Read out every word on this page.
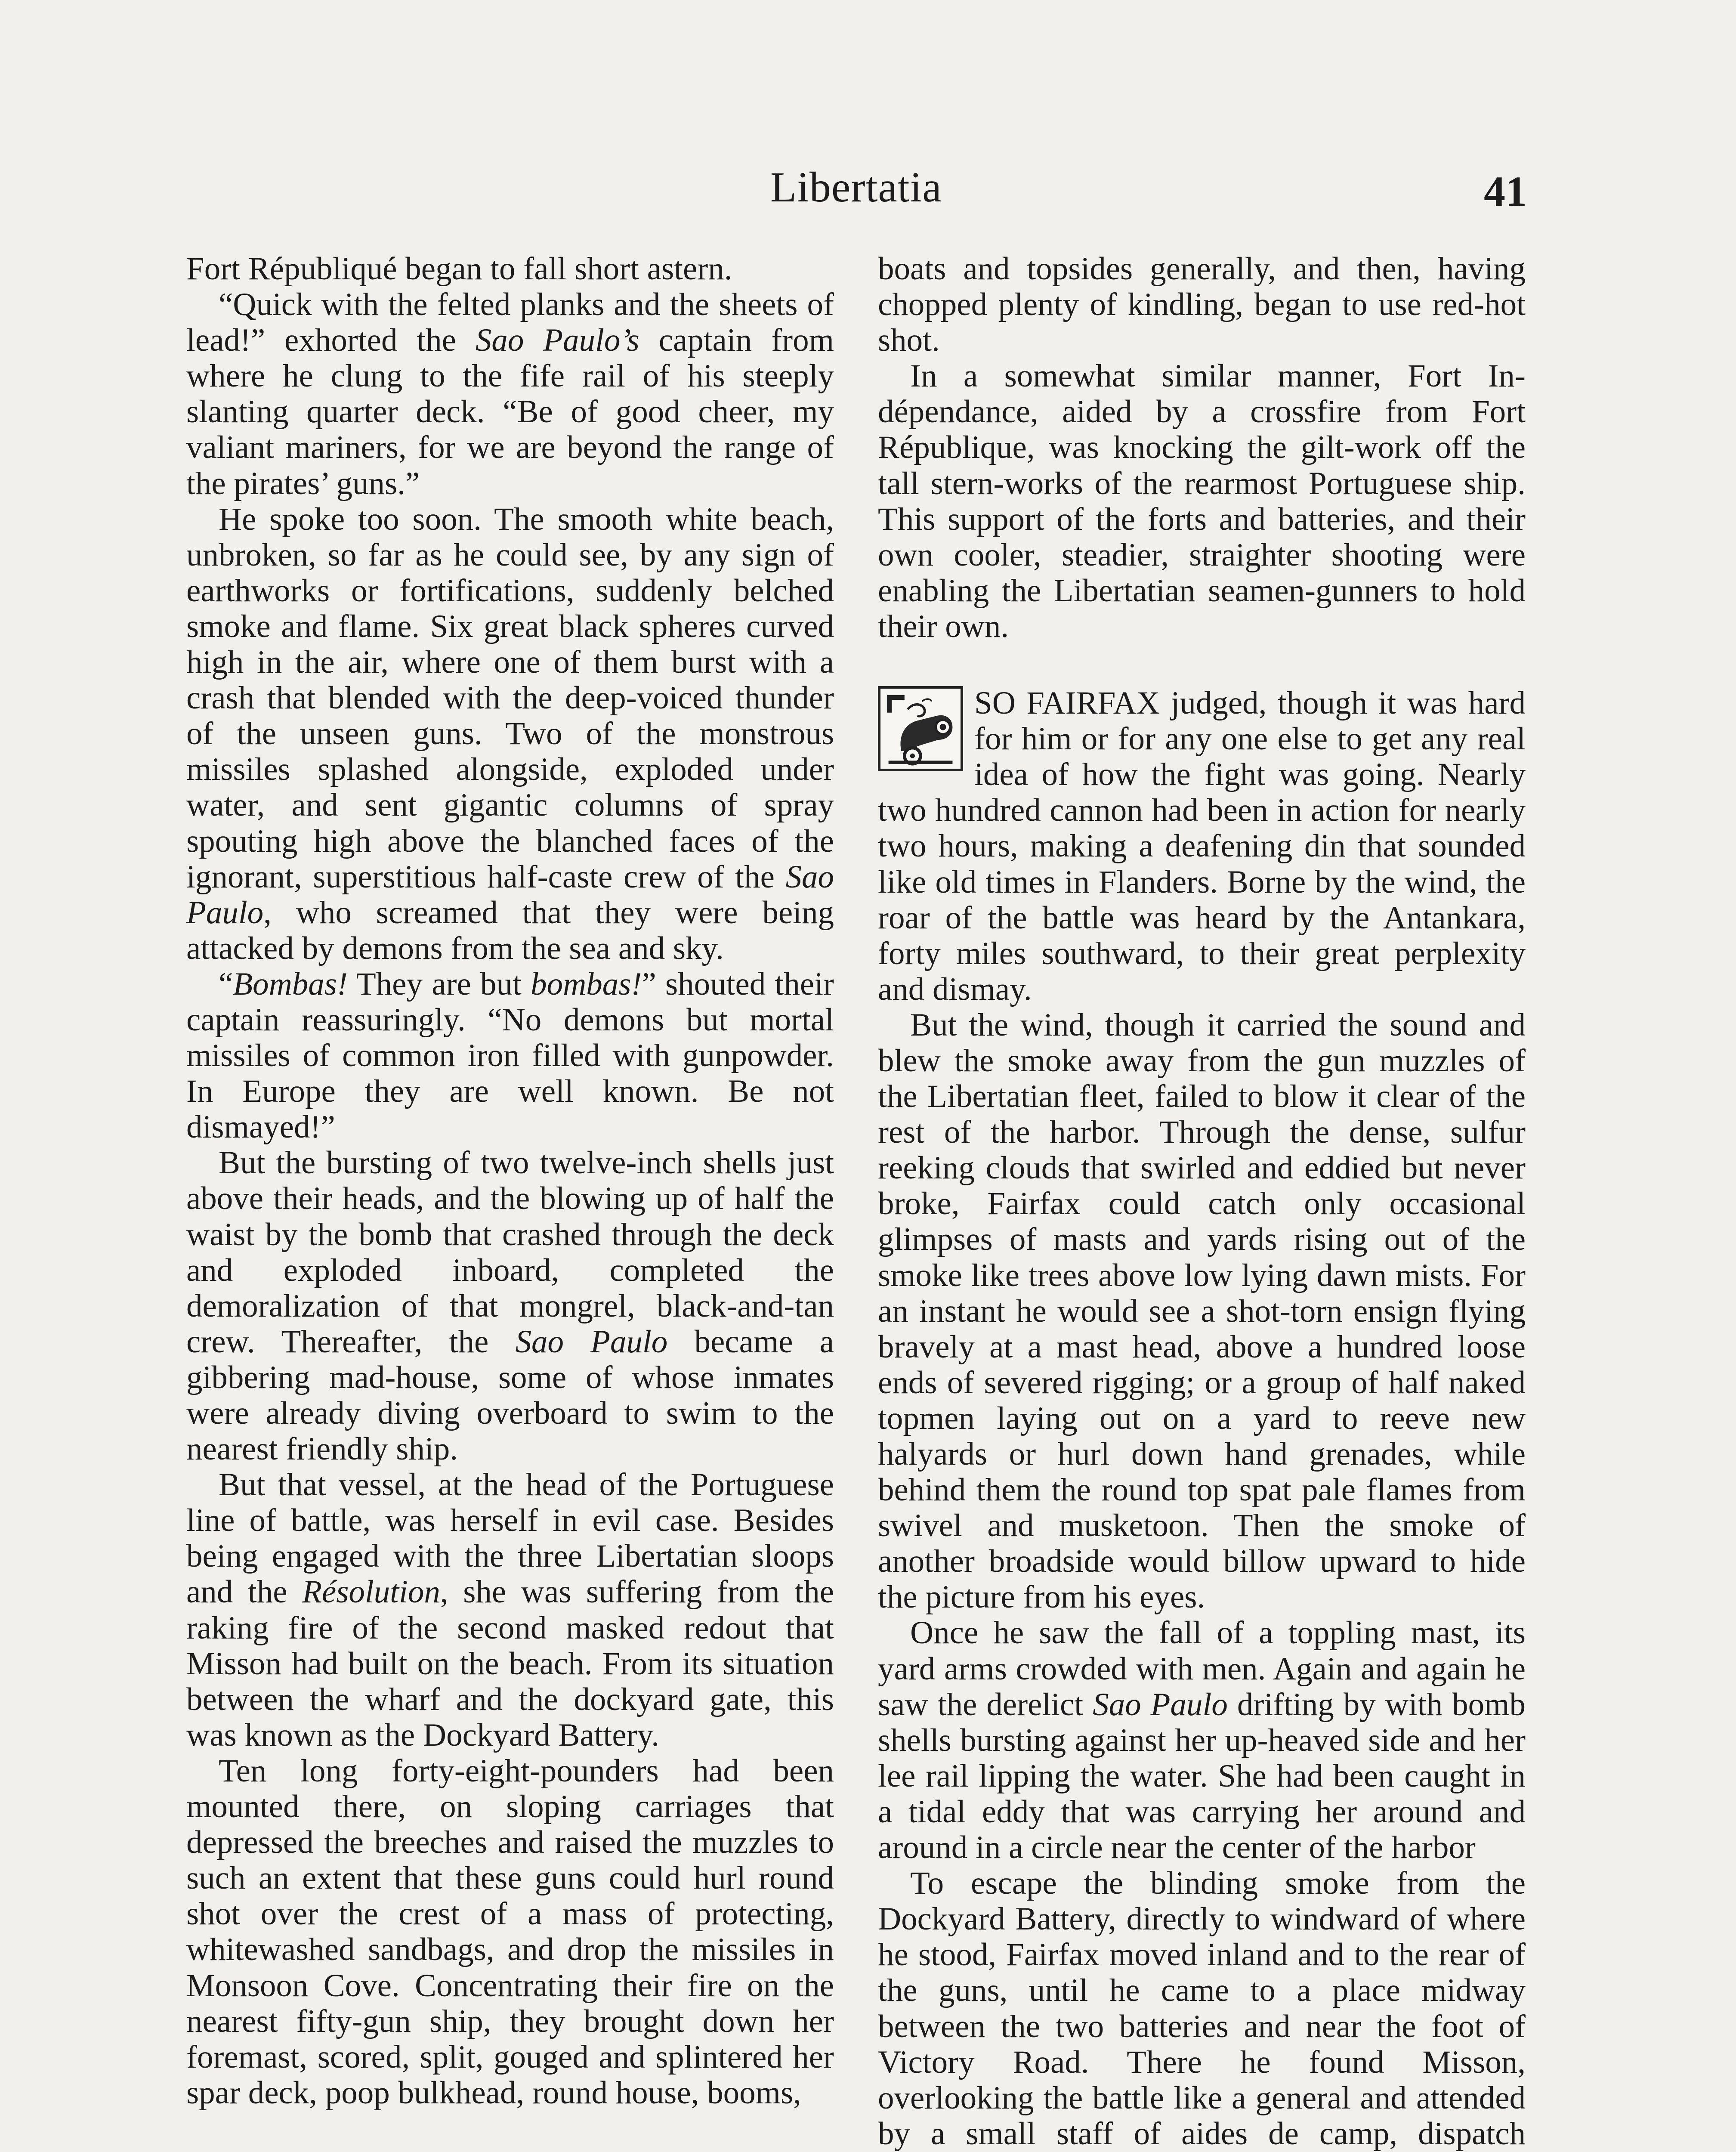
Libertatia	41

Fort Républiqué began to fall short astern.

“Quick with the felted planks and the sheets of lead!” exhorted the Sao Paulo’s captain from where he clung to the fife rail of his steeply slanting quarter deck. “Be of good cheer, my valiant mariners, for we are beyond the range of the pirates’ guns.”

He spoke too soon. The smooth white beach, unbroken, so far as he could see, by any sign of earthworks or fortifications, suddenly belched smoke and flame. Six great black spheres curved high in the air, where one of them burst with a crash that blended with the deep-voiced thunder of the unseen guns. Two of the monstrous missiles splashed alongside, exploded under water, and sent gigantic columns of spray spouting high above the blanched faces of the ignorant, superstitious half-caste crew of the Sao Paulo, who screamed that they were being attacked by demons from the sea and sky.

“Bombas! They are but bombas!” shouted their captain reassuringly. “No demons but mortal missiles of common iron filled with gunpowder. In Europe they are well known. Be not dismayed!”

But the bursting of two twelve-inch shells just above their heads, and the blowing up of half the waist by the bomb that crashed through the deck and exploded inboard, completed the demoralization of that mongrel, black-and-tan crew. Thereafter, the Sao Paulo became a gibbering mad-house, some of whose inmates were already diving overboard to swim to the nearest friendly ship.

But that vessel, at the head of the Portuguese line of battle, was herself in evil case. Besides being engaged with the three Libertatian sloops and the Résolution, she was suffering from the raking fire of the second masked redout that Misson had built on the beach. From its situation between the wharf and the dockyard gate, this was known as the Dockyard Battery.

Ten long forty-eight-pounders had been mounted there, on sloping carriages that depressed the breeches and raised the muzzles to such an extent that these guns could hurl round shot over the crest of a mass of protecting, whitewashed sandbags, and drop the missiles in Monsoon Cove. Concentrating their fire on the nearest fifty-gun ship, they brought down her foremast, scored, split, gouged and splintered her spar deck, poop bulkhead, round house, booms,

boats and topsides generally, and then, having chopped plenty of kindling, began to use red-hot shot.

In a somewhat similar manner, Fort Indépendance, aided by a crossfire from Fort République, was knocking the gilt-work off the tall stern-works of the rearmost Portuguese ship. This support of the forts and batteries, and their own cooler, steadier, straighter shooting were enabling the Libertatian seamen-gunners to hold their own.

SO FAIRFAX judged, though it was hard for him or for any one else to get any real idea of how the fight was going. Nearly two hundred cannon had been in action for nearly two hours, making a deafening din that sounded like old times in Flanders. Borne by the wind, the roar of the battle was heard by the Antankara, forty miles southward, to their great perplexity and dismay.

But the wind, though it carried the sound and blew the smoke away from the gun muzzles of the Libertatian fleet, failed to blow it clear of the rest of the harbor. Through the dense, sulfur reeking clouds that swirled and eddied but never broke, Fairfax could catch only occasional glimpses of masts and yards rising out of the smoke like trees above low lying dawn mists. For an instant he would see a shot-torn ensign flying bravely at a mast head, above a hundred loose ends of severed rigging; or a group of half naked topmen laying out on a yard to reeve new halyards or hurl down hand grenades, while behind them the round top spat pale flames from swivel and musketoon. Then the smoke of another broadside would billow upward to hide the picture from his eyes.

Once he saw the fall of a toppling mast, its yard arms crowded with men. Again and again he saw the derelict Sao Paulo drifting by with bomb shells bursting against her up-heaved side and her lee rail lipping the water. She had been caught in a tidal eddy that was carrying her around and around in a circle near the center of the harbor

To escape the blinding smoke from the Dockyard Battery, directly to windward of where he stood, Fairfax moved inland and to the rear of the guns, until he came to a place midway between the two batteries and near the foot of Victory Road. There he found Misson, overlooking the battle like a general and attended by a small staff of aides de camp, dispatch
